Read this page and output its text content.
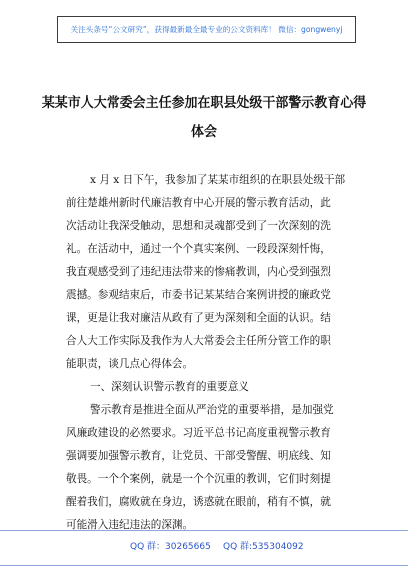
关注头条号“公文研究”，获得最新最全最专业的公文资料库！ 微信：gongwenyj
某某市人大常委会主任参加在职县处级干部警示教育心得
体会
x 月 x 日下午，我参加了某某市组织的在职县处级干部
前往楚雄州新时代廉洁教育中心开展的警示教育活动，此
次活动让我深受触动，思想和灵魂都受到了一次深刻的洗
礼。在活动中，通过一个个真实案例、一段段深刻忏悔，
我直观感受到了违纪违法带来的惨痛教训，内心受到强烈
震撼。参观结束后，市委书记某某结合案例讲授的廉政党
课，更是让我对廉洁从政有了更为深刻和全面的认识。结
合人大工作实际及我作为人大常委会主任所分管工作的职
能职责，谈几点心得体会。
一、深刻认识警示教育的重要意义
警示教育是推进全面从严治党的重要举措，是加强党
风廉政建设的必然要求。习近平总书记高度重视警示教育
强调要加强警示教育，让党员、干部受警醒、明底线、知
敬畏。一个个案例，就是一个个沉重的教训，它们时刻提
醒着我们，腐败就在身边，诱惑就在眼前，稍有不慎，就
可能滑入违纪违法的深渊。
QQ 群：30265665 QQ 群:535304092
